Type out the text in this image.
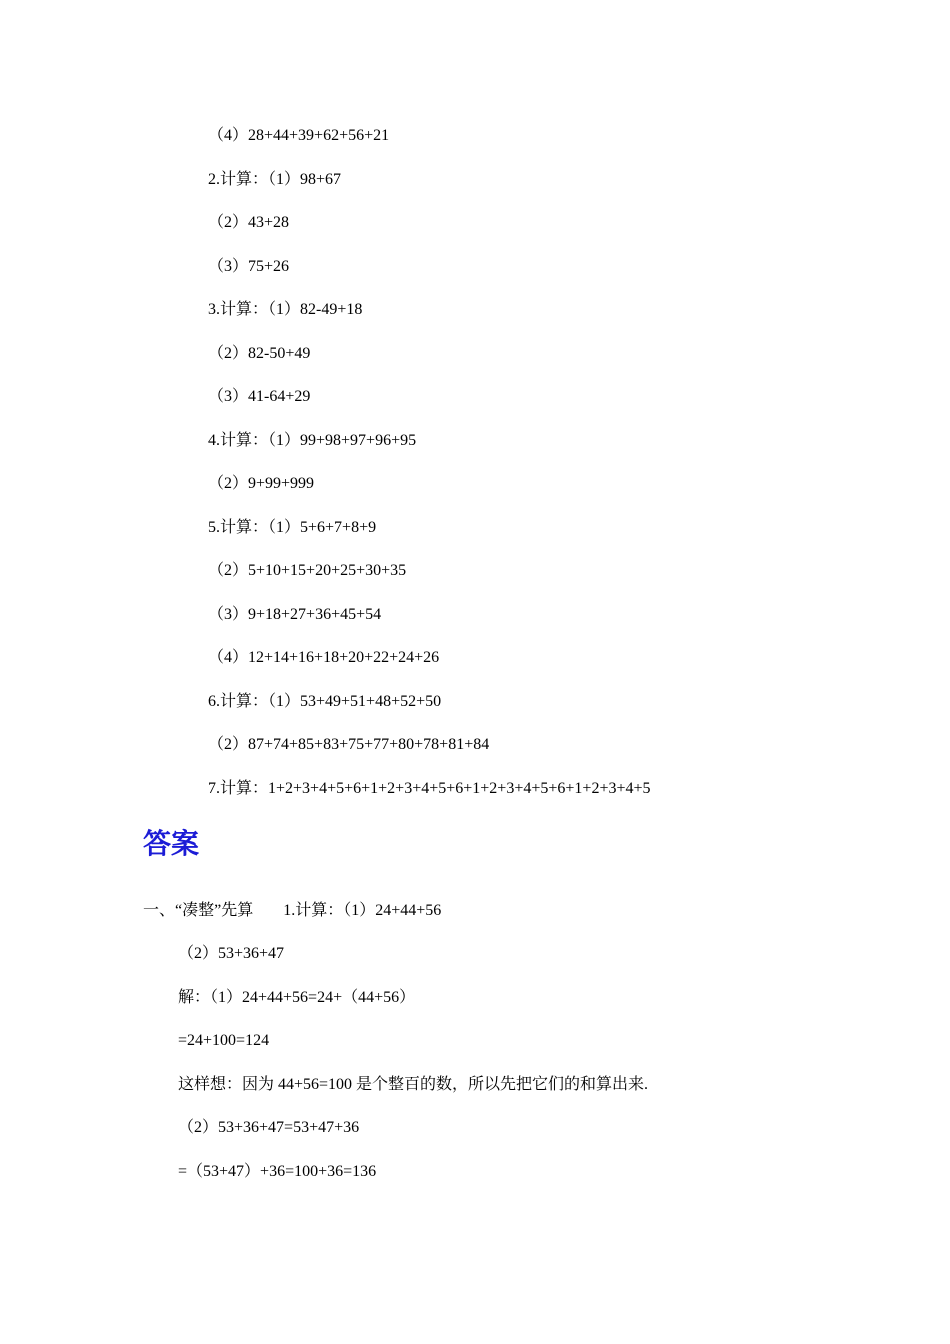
（4）28+44+39+62+56+21
2.计算：（1）98+67
（2）43+28
（3）75+26
3.计算：（1）82-49+18
（2）82-50+49
（3）41-64+29
4.计算：（1）99+98+97+96+95
（2）9+99+999
5.计算：（1）5+6+7+8+9
（2）5+10+15+20+25+30+35
（3）9+18+27+36+45+54
（4）12+14+16+18+20+22+24+26
6.计算：（1）53+49+51+48+52+50
（2）87+74+85+83+75+77+80+78+81+84
7.计算：1+2+3+4+5+6+1+2+3+4+5+6+1+2+3+4+5+6+1+2+3+4+5
答案
一、“凑整”先算 1.计算：（1）24+44+56
（2）53+36+47
解：（1）24+44+56=24+（44+56）
=24+100=124
这样想：因为 44+56=100 是个整百的数，所以先把它们的和算出来.
（2）53+36+47=53+47+36
=（53+47）+36=100+36=136
